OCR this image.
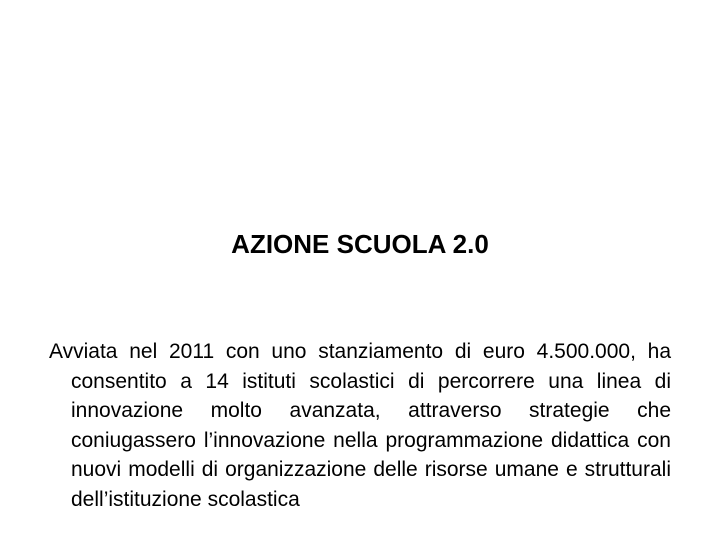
AZIONE SCUOLA 2.0

Avviata nel 2011 con uno stanziamento di euro 4.500.000, ha consentito a 14 istituti scolastici di percorrere una linea di innovazione molto avanzata, attraverso strategie che coniugassero l’innovazione nella programmazione didattica con nuovi modelli di organizzazione delle risorse umane e strutturali dell’istituzione scolastica
